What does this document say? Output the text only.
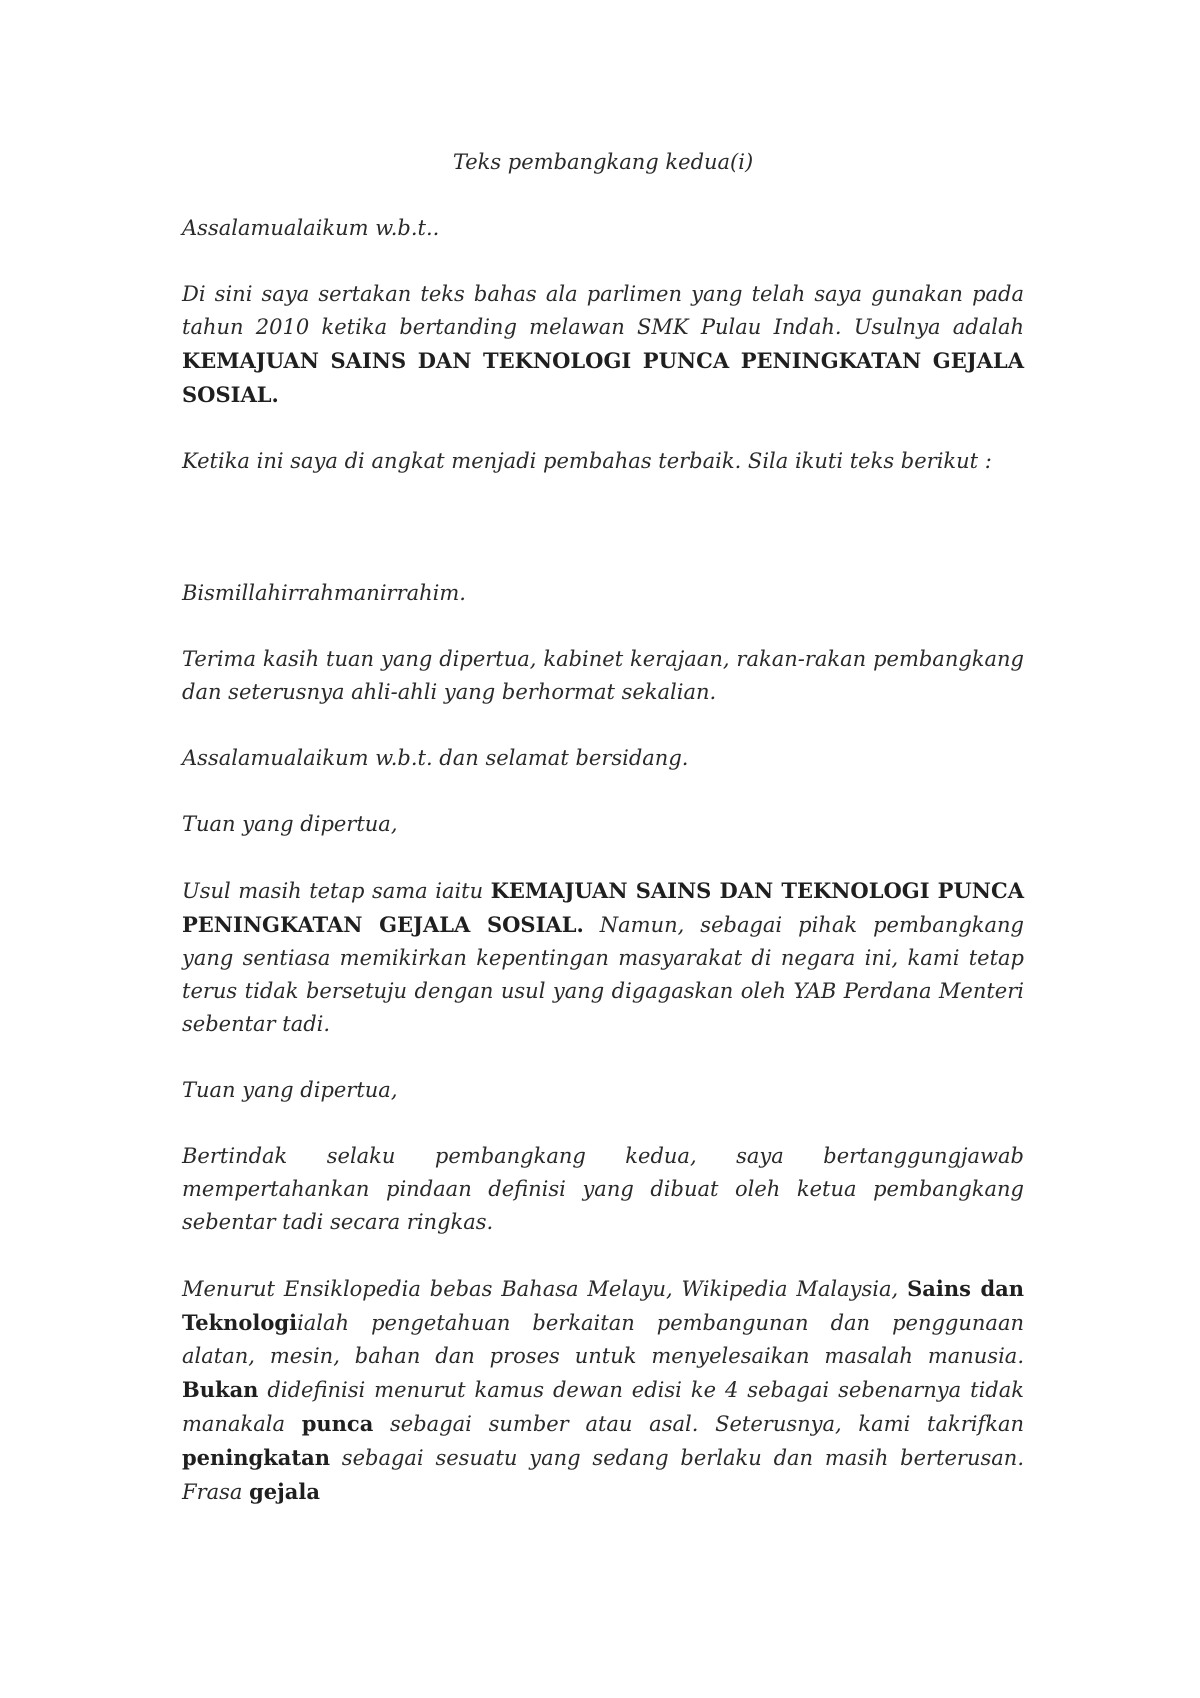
Teks pembangkang kedua(i)

Assalamualaikum w.b.t..

Di sini saya sertakan teks bahas ala parlimen yang telah saya gunakan pada tahun 2010 ketika bertanding melawan SMK Pulau Indah. Usulnya adalah KEMAJUAN SAINS DAN TEKNOLOGI PUNCA PENINGKATAN GEJALA SOSIAL.

Ketika ini saya di angkat menjadi pembahas terbaik. Sila ikuti teks berikut :

Bismillahirrahmanirrahim.

Terima kasih tuan yang dipertua, kabinet kerajaan, rakan-rakan pembangkang dan seterusnya ahli-ahli yang berhormat sekalian.

Assalamualaikum w.b.t. dan selamat bersidang.

Tuan yang dipertua,

Usul masih tetap sama iaitu KEMAJUAN SAINS DAN TEKNOLOGI PUNCA PENINGKATAN GEJALA SOSIAL. Namun, sebagai pihak pembangkang yang sentiasa memikirkan kepentingan masyarakat di negara ini, kami tetap terus tidak bersetuju dengan usul yang digagaskan oleh YAB Perdana Menteri sebentar tadi.

Tuan yang dipertua,

Bertindak selaku pembangkang kedua, saya bertanggungjawab mempertahankan pindaan definisi yang dibuat oleh ketua pembangkang sebentar tadi secara ringkas.

Menurut Ensiklopedia bebas Bahasa Melayu, Wikipedia Malaysia, Sains dan Teknologiialah pengetahuan berkaitan pembangunan dan penggunaan alatan, mesin, bahan dan proses untuk menyelesaikan masalah manusia. Bukan didefinisi menurut kamus dewan edisi ke 4 sebagai sebenarnya tidak manakala punca sebagai sumber atau asal. Seterusnya, kami takrifkan peningkatan sebagai sesuatu yang sedang berlaku dan masih berterusan. Frasa gejala
